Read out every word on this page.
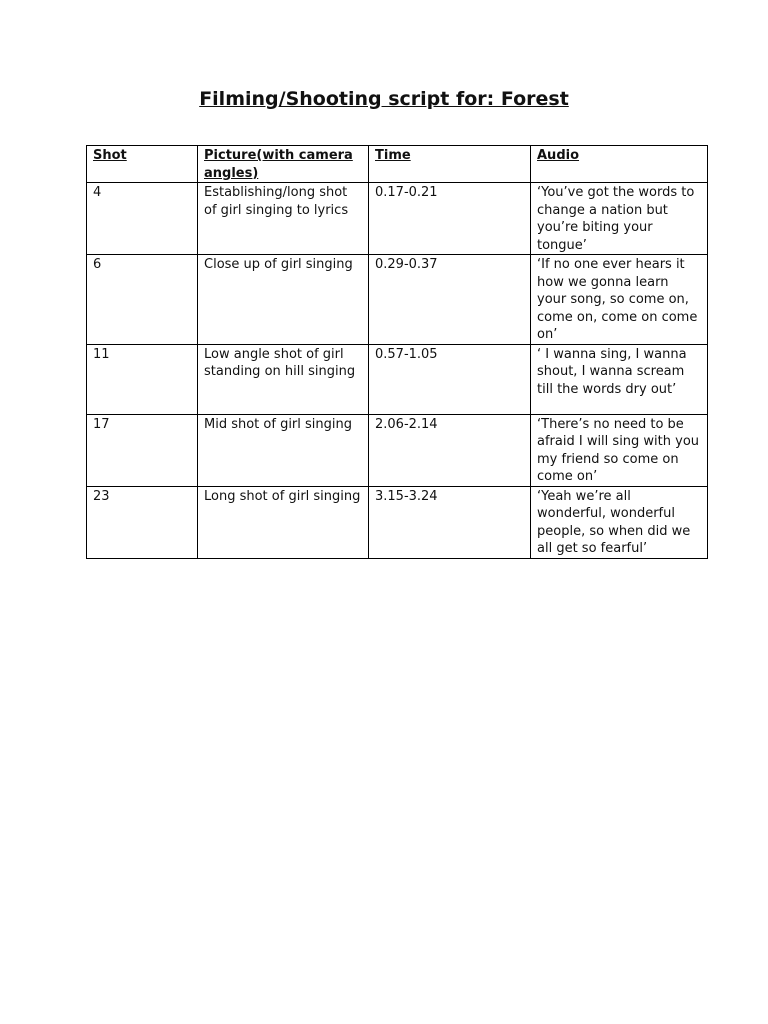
Filming/Shooting script for: Forest
Shot	Picture(with camera angles)	Time	Audio
4	Establishing/long shot of girl singing to lyrics	0.17-0.21	‘You’ve got the words to change a nation but you’re biting your tongue’
6	Close up of girl singing	0.29-0.37	‘If no one ever hears it how we gonna learn your song, so come on, come on, come on come on’
11	Low angle shot of girl standing on hill singing	0.57-1.05	‘ I wanna sing, I wanna shout, I wanna scream till the words dry out’
17	Mid shot of girl singing	2.06-2.14	‘There’s no need to be afraid I will sing with you my friend so come on come on’
23	Long shot of girl singing	3.15-3.24	‘Yeah we’re all wonderful, wonderful people, so when did we all get so fearful’
